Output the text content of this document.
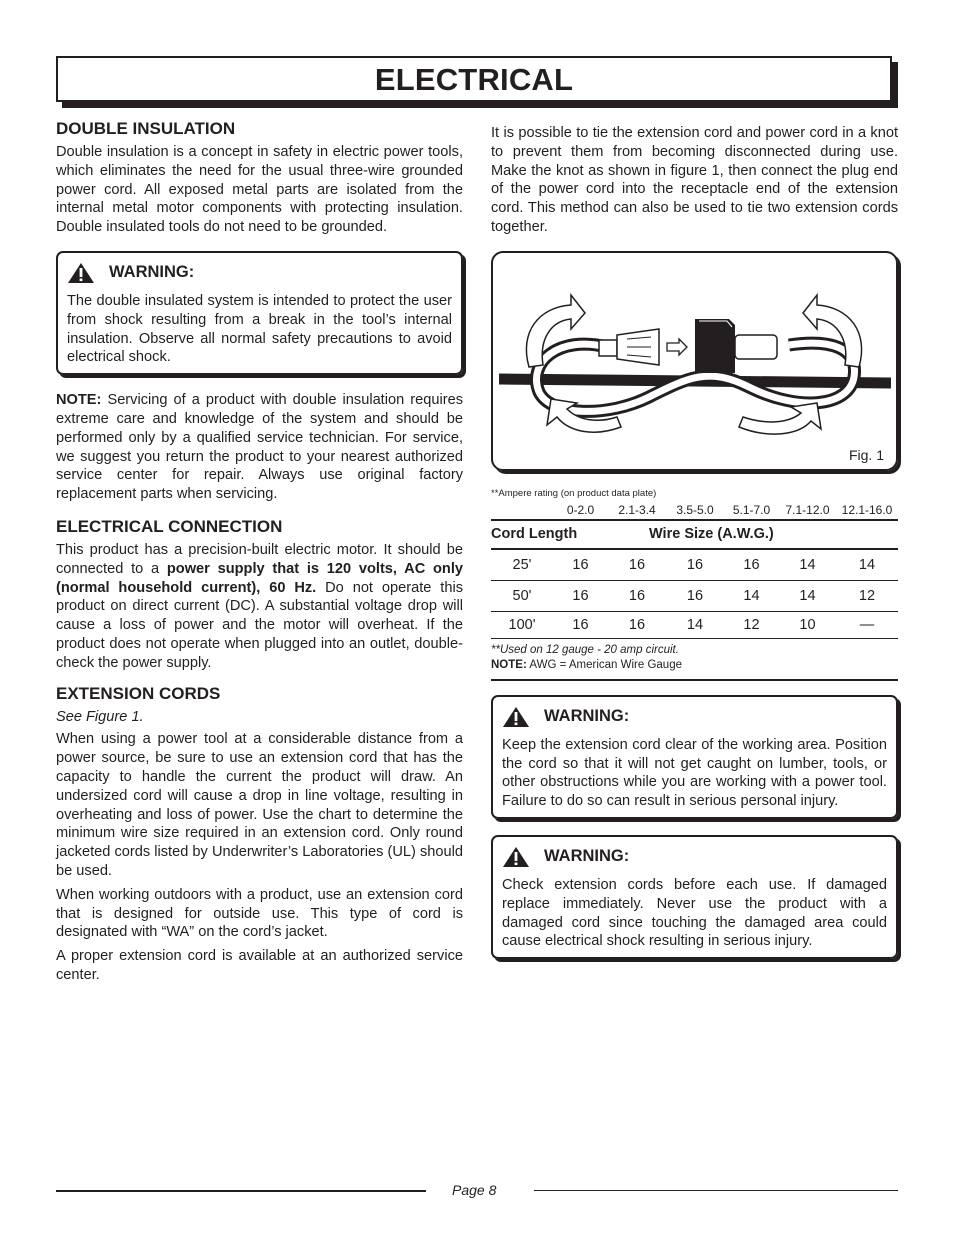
ELECTRICAL
DOUBLE INSULATION

Double insulation is a concept in safety in electric power tools, which eliminates the need for the usual three-wire grounded power cord. All exposed metal parts are isolated from the internal metal motor components with protecting insulation. Double insulated tools do not need to be grounded.

WARNING:

The double insulated system is intended to protect the user from shock resulting from a break in the tool’s internal insulation. Observe all normal safety precautions to avoid electrical shock.

NOTE: Servicing of a product with double insulation requires extreme care and knowledge of the system and should be performed only by a qualified service technician. For service, we suggest you return the product to your nearest authorized service center for repair. Always use original factory replacement parts when servicing.

ELECTRICAL CONNECTION

This product has a precision-built electric motor. It should be connected to a power supply that is 120 volts, AC only (normal household current), 60 Hz. Do not operate this product on direct current (DC). A substantial voltage drop will cause a loss of power and the motor will overheat. If the product does not operate when plugged into an outlet, double-check the power supply.

EXTENSION CORDS
See Figure 1.

When using a power tool at a considerable distance from a power source, be sure to use an extension cord that has the capacity to handle the current the product will draw. An undersized cord will cause a drop in line voltage, resulting in overheating and loss of power. Use the chart to determine the minimum wire size required in an extension cord. Only round jacketed cords listed by Underwriter’s Laboratories (UL) should be used.

When working outdoors with a product, use an extension cord that is designed for outside use. This type of cord is designated with “WA” on the cord’s jacket.

A proper extension cord is available at an authorized service center.

It is possible to tie the extension cord and power cord in a knot to prevent them from becoming disconnected during use. Make the knot as shown in figure 1, then connect the plug end of the power cord into the receptacle end of the extension cord. This method can also be used to tie two extension cords together.

Fig. 1
**Ampere rating (on product data plate)
0-2.0	2.1-3.4	3.5-5.0	5.1-7.0	7.1-12.0	12.1-16.0
Cord Length	Wire Size (A.W.G.)
25'	16	16	16	16	14	14
50'	16	16	16	14	14	12
100'	16	16	14	12	10	—
**Used on 12 gauge - 20 amp circuit.
NOTE: AWG = American Wire Gauge
WARNING:

Keep the extension cord clear of the working area. Position the cord so that it will not get caught on lumber, tools, or other obstructions while you are working with a power tool. Failure to do so can result in serious personal injury.

WARNING:

Check extension cords before each use. If damaged replace immediately. Never use the product with a damaged cord since touching the damaged area could cause electrical shock resulting in serious injury.

Page 8
